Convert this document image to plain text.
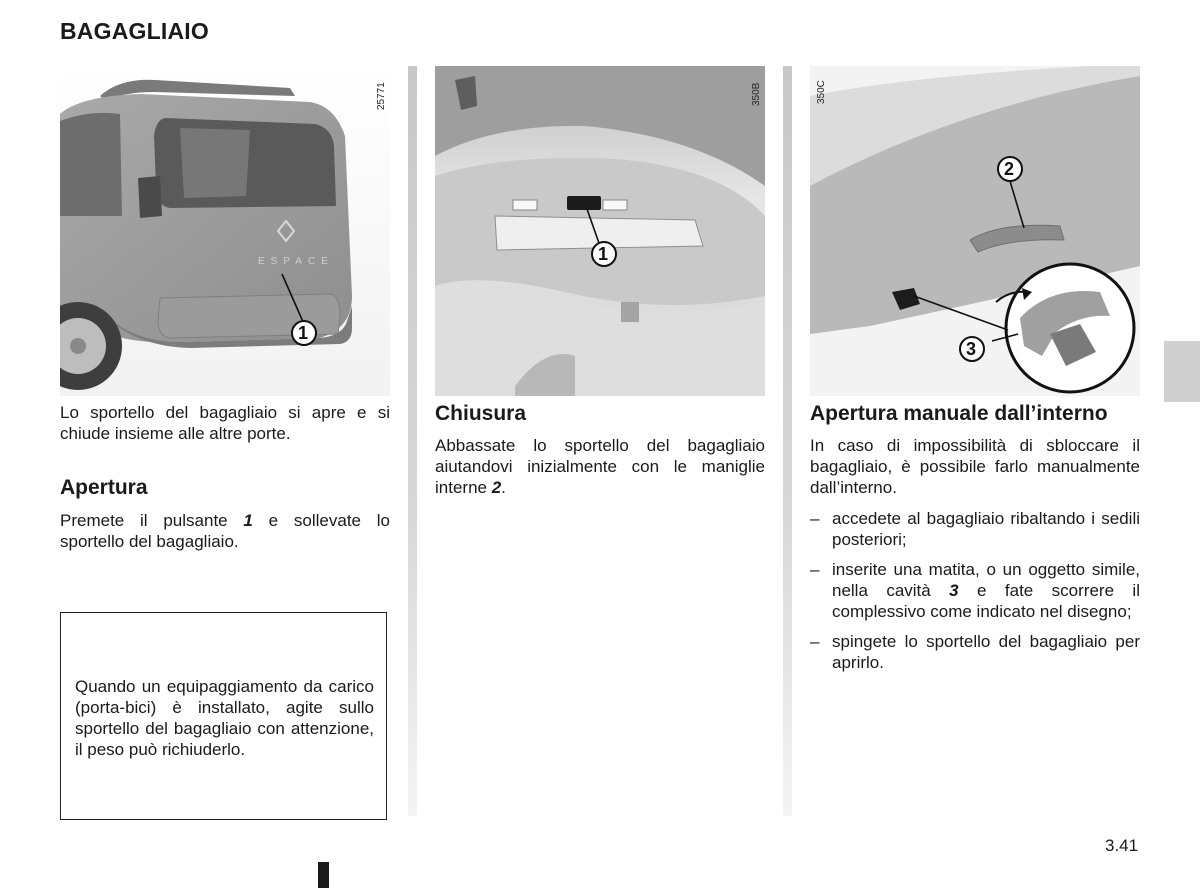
BAGAGLIAIO
ESPACE
25771
1
350B
1
350C
2
3

Lo sportello del bagagliaio si apre e si chiude insieme alle altre porte.

Apertura

Premete il pulsante 1 e sollevate lo sportello del bagagliaio.

Quando un equipaggiamento da carico (porta-bici) è installato, agite sullo sportello del bagagliaio con attenzione, il peso può richiuderlo.

Chiusura

Abbassate lo sportello del bagagliaio aiutandovi inizialmente con le maniglie interne 2.

Apertura manuale dall’interno

In caso di impossibilità di sbloccare il bagagliaio, è possibile farlo manualmente dall’interno.

– accedete al bagagliaio ribaltando i sedili posteriori;
– inserite una matita, o un oggetto simile, nella cavità 3 e fate scorrere il complessivo come indicato nel disegno;
– spingete lo sportello del bagagliaio per aprirlo.
3.41
